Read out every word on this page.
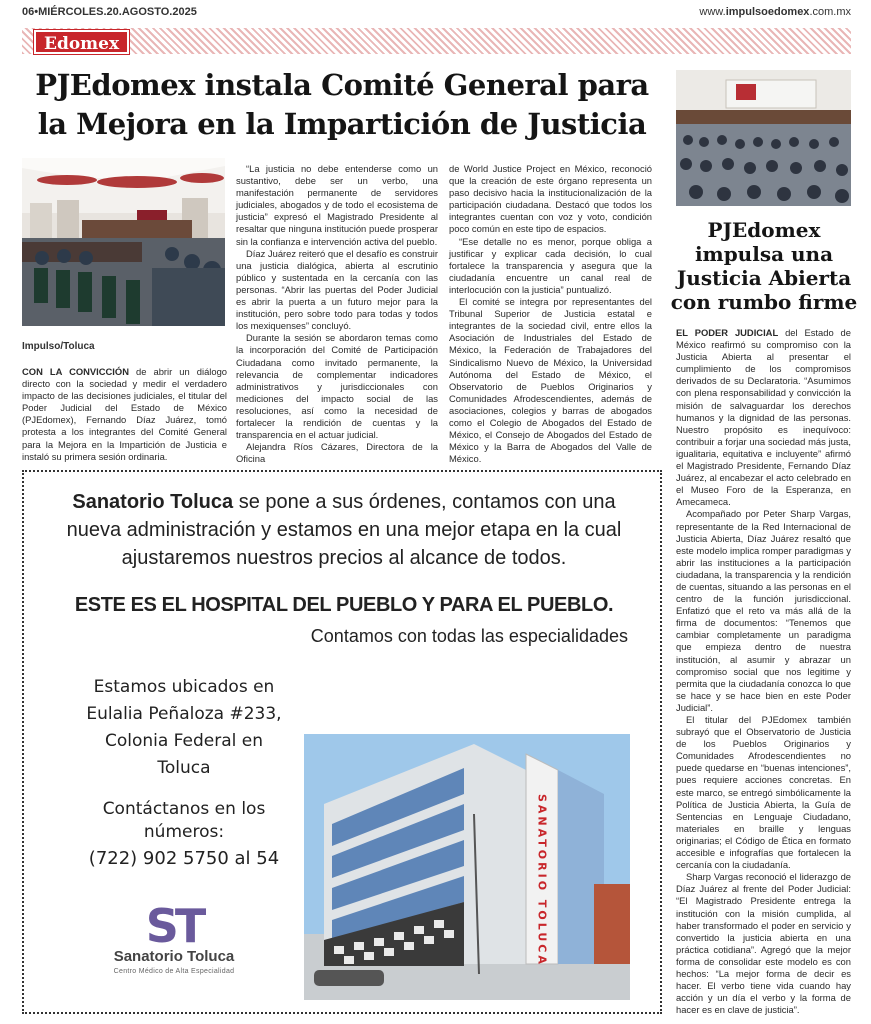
06•MIÉRCOLES.20.AGOSTO.2025	www.impulsoedomex.com.mx
Edomex
PJEdomex instala Comité General para la Mejora en la Impartición de Justicia
Impulso/Toluca

CON LA CONVICCIÓN de abrir un diálogo directo con la sociedad y medir el verdadero impacto de las decisiones judiciales, el titular del Poder Judicial del Estado de México (PJEdomex), Fernando Díaz Juárez, tomó protesta a los integrantes del Comité General para la Mejora en la Impartición de Justicia e instaló su primera sesión ordinaria.

“La justicia no debe entenderse como un sustantivo, debe ser un verbo, una manifestación permanente de servidores judiciales, abogados y de todo el ecosistema de justicia” expresó el Magistrado Presidente al resaltar que ninguna institución puede prosperar sin la confianza e intervención activa del pueblo.

Díaz Juárez reiteró que el desafío es construir una justicia dialógica, abierta al escrutinio público y sustentada en la cercanía con las personas. “Abrir las puertas del Poder Judicial es abrir la puerta a un futuro mejor para la institución, pero sobre todo para todas y todos los mexiquenses” concluyó.

Durante la sesión se abordaron temas como la incorporación del Comité de Participación Ciudadana como invitado permanente, la relevancia de complementar indicadores administrativos y jurisdiccionales con mediciones del impacto social de las resoluciones, así como la necesidad de fortalecer la rendición de cuentas y la transparencia en el actuar judicial.

Alejandra Ríos Cázares, Directora de la Oficina

de World Justice Project en México, reconoció que la creación de este órgano representa un paso decisivo hacia la institucionalización de la participación ciudadana. Destacó que todos los integrantes cuentan con voz y voto, condición poco común en este tipo de espacios.

“Ese detalle no es menor, porque obliga a justificar y explicar cada decisión, lo cual fortalece la transparencia y asegura que la ciudadanía encuentre un canal real de interlocución con la justicia” puntualizó.

El comité se integra por representantes del Tribunal Superior de Justicia estatal e integrantes de la sociedad civil, entre ellos la Asociación de Industriales del Estado de México, la Federación de Trabajadores del Sindicalismo Nuevo de México, la Universidad Autónoma del Estado de México, el Observatorio de Pueblos Originarios y Comunidades Afrodescendientes, además de asociaciones, colegios y barras de abogados como el Colegio de Abogados del Estado de México, el Consejo de Abogados del Estado de México y la Barra de Abogados del Valle de México.

PJEdomex impulsa una Justicia Abierta con rumbo firme

EL PODER JUDICIAL del Estado de México reafirmó su compromiso con la Justicia Abierta al presentar el cumplimiento de los compromisos derivados de su Declaratoria. “Asumimos con plena responsabilidad y convicción la misión de salvaguardar los derechos humanos y la dignidad de las personas. Nuestro propósito es inequívoco: contribuir a forjar una sociedad más justa, igualitaria, equitativa e incluyente” afirmó el Magistrado Presidente, Fernando Díaz Juárez, al encabezar el acto celebrado en el Museo Foro de la Esperanza, en Amecameca.

Acompañado por Peter Sharp Vargas, representante de la Red Internacional de Justicia Abierta, Díaz Juárez resaltó que este modelo implica romper paradigmas y abrir las instituciones a la participación ciudadana, la transparencia y la rendición de cuentas, situando a las personas en el centro de la función jurisdiccional. Enfatizó que el reto va más allá de la firma de documentos: “Tenemos que cambiar completamente un paradigma que empieza dentro de nuestra institución, al asumir y abrazar un compromiso social que nos legitime y permita que la ciudadanía conozca lo que se hace y se hace bien en este Poder Judicial”.

El titular del PJEdomex también subrayó que el Observatorio de Justicia de los Pueblos Originarios y Comunidades Afrodescendientes no puede quedarse en “buenas intenciones”, pues requiere acciones concretas. En este marco, se entregó simbólicamente la Política de Justicia Abierta, la Guía de Sentencias en Lenguaje Ciudadano, materiales en braille y lenguas originarias; el Código de Ética en formato accesible e infografías que fortalecen la cercanía con la ciudadanía.

Sharp Vargas reconoció el liderazgo de Díaz Juárez al frente del Poder Judicial: “El Magistrado Presidente entrega la institución con la misión cumplida, al haber transformado el poder en servicio y convertido la justicia abierta en una práctica cotidiana”. Agregó que la mejor forma de consolidar este modelo es con hechos: “La mejor forma de decir es hacer. El verbo tiene vida cuando hay acción y un día el verbo y la forma de hacer es en clave de justicia”.

Sanatorio Toluca se pone a sus órdenes, contamos con una nueva administración y estamos en una mejor etapa en la cual ajustaremos nuestros precios al alcance de todos.
ESTE ES EL HOSPITAL DEL PUEBLO Y PARA EL PUEBLO.
Contamos con todas las especialidades
Estamos ubicados en
Eulalia Peñaloza #233,
Colonia Federal en
Toluca
Contáctanos en los
números:
(722) 902 5750 al 54
ST
Sanatorio Toluca
Centro Médico de Alta Especialidad
SANATORIO TOLUCA
